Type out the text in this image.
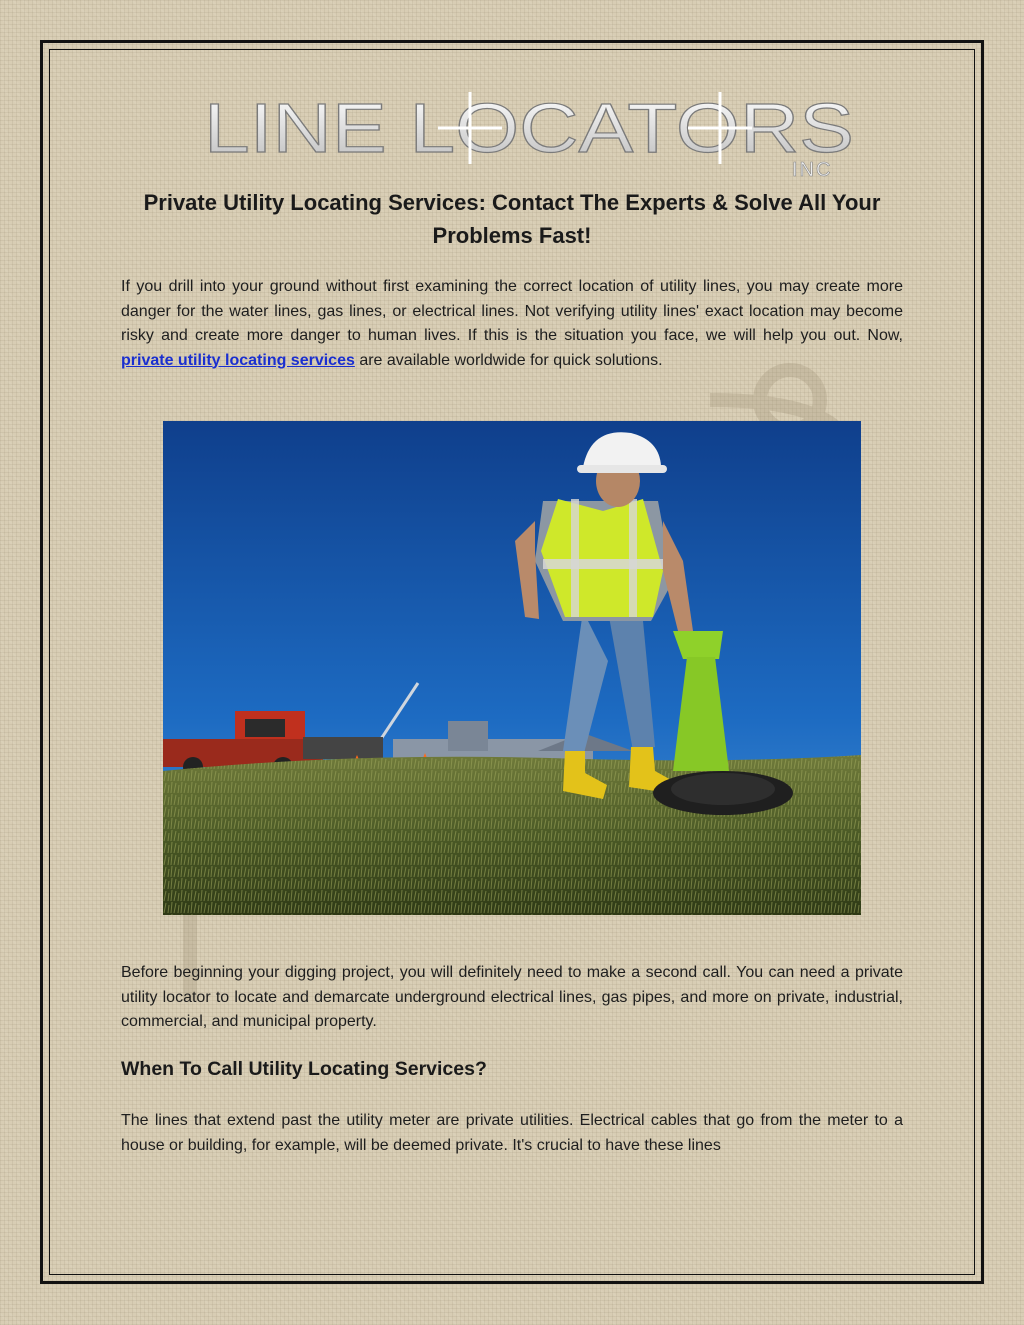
LINE LOCATORS
INC
Private Utility Locating Services: Contact The Experts & Solve All Your Problems Fast!

If you drill into your ground without first examining the correct location of utility lines, you may create more danger for the water lines, gas lines, or electrical lines. Not verifying utility lines' exact location may become risky and create more danger to human lives. If this is the situation you face, we will help you out. Now, private utility locating services are available worldwide for quick solutions.

Before beginning your digging project, you will definitely need to make a second call. You can need a private utility locator to locate and demarcate underground electrical lines, gas pipes, and more on private, industrial, commercial, and municipal property.

When To Call Utility Locating Services?

The lines that extend past the utility meter are private utilities. Electrical cables that go from the meter to a house or building, for example, will be deemed private. It's crucial to have these lines
